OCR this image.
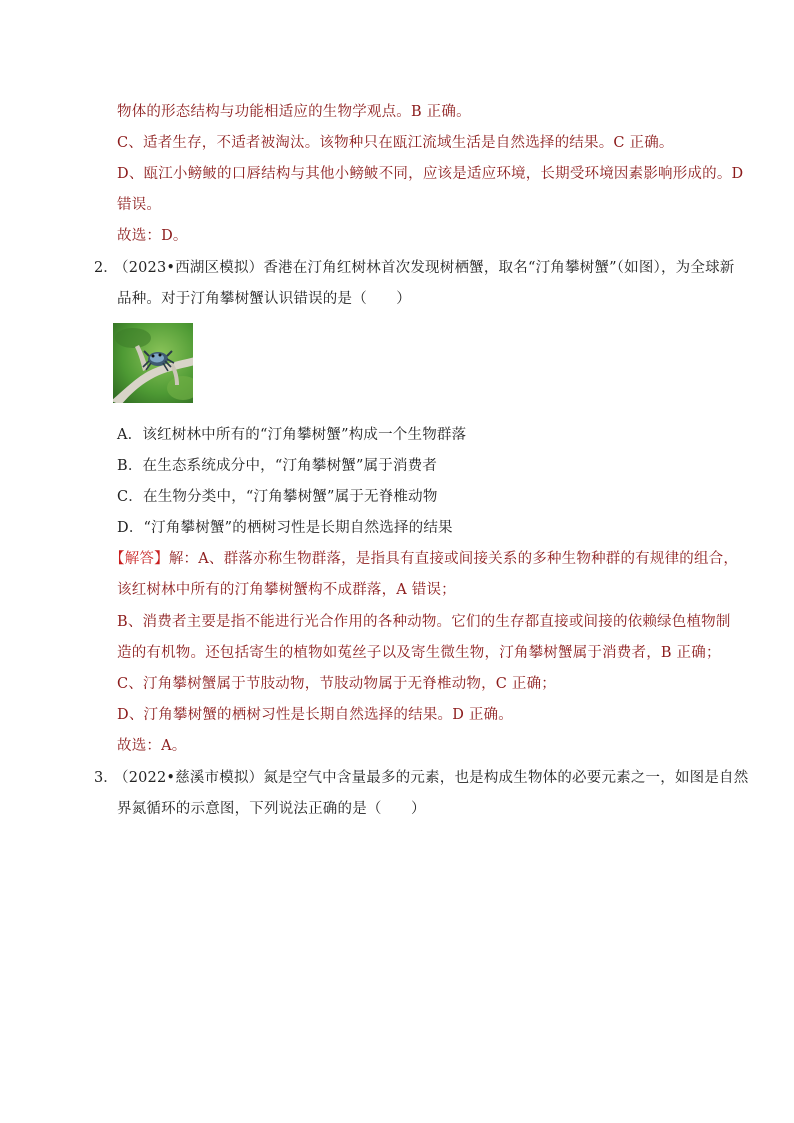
物体的形态结构与功能相适应的生物学观点。B 正确。
C、适者生存，不适者被淘汰。该物种只在瓯江流域生活是自然选择的结果。C 正确。
D、瓯江小鳑鲏的口唇结构与其他小鳑鲏不同，应该是适应环境，长期受环境因素影响形成的。D
错误。
故选：D。
2．
（2023•西湖区模拟）香港在汀角红树林首次发现树栖蟹，取名“汀角攀树蟹”（如图），为全球新
品种。对于汀角攀树蟹认识错误的是（　　）
A．该红树林中所有的“汀角攀树蟹”构成一个生物群落
B．在生态系统成分中，“汀角攀树蟹”属于消费者
C．在生物分类中，“汀角攀树蟹”属于无脊椎动物
D．“汀角攀树蟹”的栖树习性是长期自然选择的结果
【解答】解：A、群落亦称生物群落，是指具有直接或间接关系的多种生物种群的有规律的组合，
该红树林中所有的汀角攀树蟹构不成群落，A 错误；
B、消费者主要是指不能进行光合作用的各种动物。它们的生存都直接或间接的依赖绿色植物制
造的有机物。还包括寄生的植物如菟丝子以及寄生微生物，汀角攀树蟹属于消费者，B 正确；
C、汀角攀树蟹属于节肢动物，节肢动物属于无脊椎动物，C 正确；
D、汀角攀树蟹的栖树习性是长期自然选择的结果。D 正确。
故选：A。
3．
（2022•慈溪市模拟）氮是空气中含量最多的元素，也是构成生物体的必要元素之一，如图是自然
界氮循环的示意图，下列说法正确的是（　　）
